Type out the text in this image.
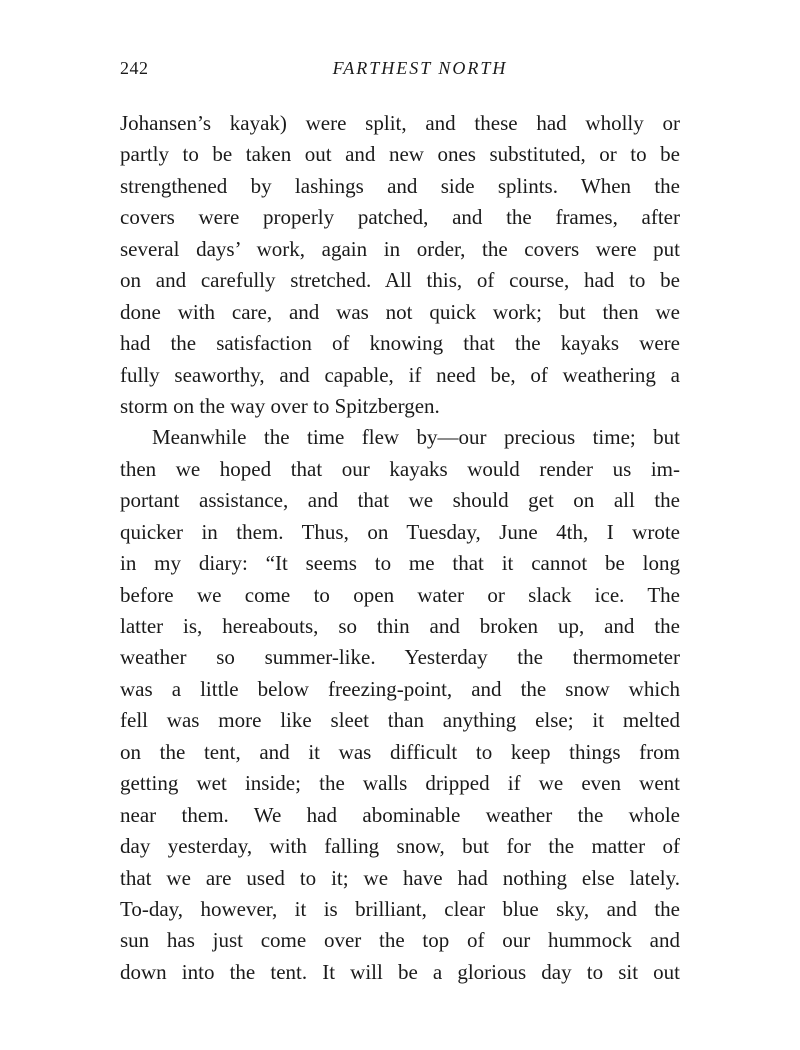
242	FARTHEST NORTH
Johansen’s kayak) were split, and these had wholly or
partly to be taken out and new ones substituted, or to be
strengthened by lashings and side splints. When the
covers were properly patched, and the frames, after
several days’ work, again in order, the covers were put
on and carefully stretched. All this, of course, had to be
done with care, and was not quick work; but then we
had the satisfaction of knowing that the kayaks were
fully seaworthy, and capable, if need be, of weathering a
storm on the way over to Spitzbergen.
Meanwhile the time flew by—our precious time; but
then we hoped that our kayaks would render us im-
portant assistance, and that we should get on all the
quicker in them. Thus, on Tuesday, June 4th, I wrote
in my diary: “It seems to me that it cannot be long
before we come to open water or slack ice. The
latter is, hereabouts, so thin and broken up, and the
weather so summer-like. Yesterday the thermometer
was a little below freezing-point, and the snow which
fell was more like sleet than anything else; it melted
on the tent, and it was difficult to keep things from
getting wet inside; the walls dripped if we even went
near them. We had abominable weather the whole
day yesterday, with falling snow, but for the matter of
that we are used to it; we have had nothing else lately.
To-day, however, it is brilliant, clear blue sky, and the
sun has just come over the top of our hummock and
down into the tent. It will be a glorious day to sit out
